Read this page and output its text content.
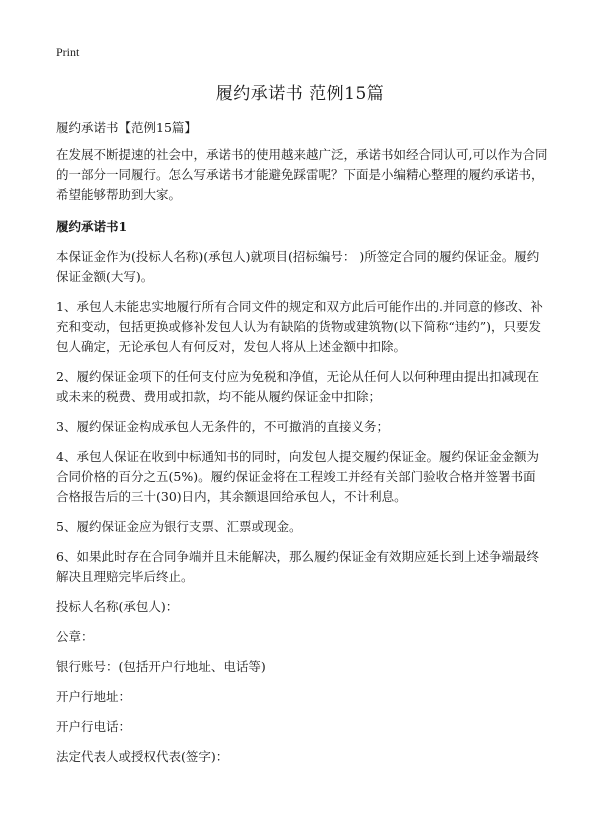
Print
履约承诺书 范例15篇

履约承诺书【范例15篇】

在发展不断提速的社会中，承诺书的使用越来越广泛，承诺书如经合同认可,可以作为合同的一部分一同履行。怎么写承诺书才能避免踩雷呢？下面是小编精心整理的履约承诺书，希望能够帮助到大家。

履约承诺书1

本保证金作为(投标人名称)(承包人)就项目(招标编号： )所签定合同的履约保证金。履约保证金额(大写)。

1、承包人未能忠实地履行所有合同文件的规定和双方此后可能作出的.并同意的修改、补充和变动，包括更换或修补发包人认为有缺陷的货物或建筑物(以下简称“违约”)，只要发包人确定，无论承包人有何反对，发包人将从上述金额中扣除。

2、履约保证金项下的任何支付应为免税和净值，无论从任何人以何种理由提出扣减现在或未来的税费、费用或扣款，均不能从履约保证金中扣除；

3、履约保证金构成承包人无条件的，不可撤消的直接义务；

4、承包人保证在收到中标通知书的同时，向发包人提交履约保证金。履约保证金金额为合同价格的百分之五(5%)。履约保证金将在工程竣工并经有关部门验收合格并签署书面合格报告后的三十(30)日内，其余额退回给承包人，不计利息。

5、履约保证金应为银行支票、汇票或现金。

6、如果此时存在合同争端并且未能解决，那么履约保证金有效期应延长到上述争端最终解决且理赔完毕后终止。

投标人名称(承包人)：

公章：

银行账号：(包括开户行地址、电话等)

开户行地址：

开户行电话：

法定代表人或授权代表(签字)：
